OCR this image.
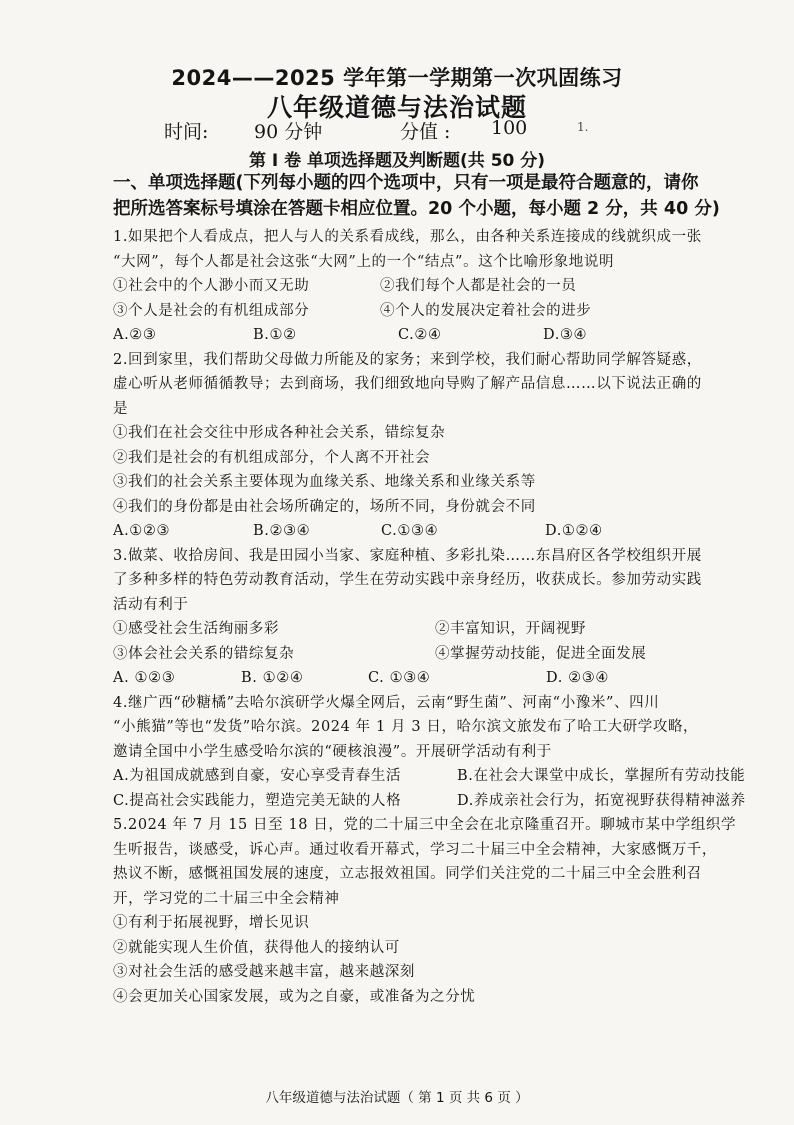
2024——2025 学年第一学期第一次巩固练习
八年级道德与法治试题
时间: 90 分钟	分值 : 100	1.
第 I 卷 单项选择题及判断题(共 50 分)
一、单项选择题(下列每小题的四个选项中，只有一项是最符合题意的，请你
把所选答案标号填涂在答题卡相应位置。20 个小题，每小题 2 分，共 40 分)
1.如果把个人看成点，把人与人的关系看成线，那么，由各种关系连接成的线就织成一张
“大网”，每个人都是社会这张“大网”上的一个“结点”。这个比喻形象地说明
①社会中的个人渺小而又无助	②我们每个人都是社会的一员
③个人是社会的有机组成部分	④个人的发展决定着社会的进步
A.②③	B.①②	C.②④	D.③④
2.回到家里，我们帮助父母做力所能及的家务；来到学校，我们耐心帮助同学解答疑惑，
虚心听从老师循循教导；去到商场，我们细致地向导购了解产品信息……以下说法正确的
是
①我们在社会交往中形成各种社会关系，错综复杂
②我们是社会的有机组成部分，个人离不开社会
③我们的社会关系主要体现为血缘关系、地缘关系和业缘关系等
④我们的身份都是由社会场所确定的，场所不同，身份就会不同
A.①②③	B.②③④	C.①③④	D.①②④
3.做菜、收拾房间、我是田园小当家、家庭种植、多彩扎染……东昌府区各学校组织开展
了多种多样的特色劳动教育活动，学生在劳动实践中亲身经历，收获成长。参加劳动实践
活动有利于
①感受社会生活绚丽多彩	②丰富知识，开阔视野
③体会社会关系的错综复杂	④掌握劳动技能，促进全面发展
A. ①②③	B. ①②④	C. ①③④	D. ②③④
4.继广西“砂糖橘”去哈尔滨研学火爆全网后，云南“野生菌”、河南“小豫米”、四川
“小熊猫”等也“发货”哈尔滨。2024 年 1 月 3 日，哈尔滨文旅发布了哈工大研学攻略，
邀请全国中小学生感受哈尔滨的“硬核浪漫”。开展研学活动有利于
A.为祖国成就感到自豪，安心享受青春生活	B.在社会大课堂中成长，掌握所有劳动技能
C.提高社会实践能力，塑造完美无缺的人格	D.养成亲社会行为，拓宽视野获得精神滋养
5.2024 年 7 月 15 日至 18 日，党的二十届三中全会在北京隆重召开。聊城市某中学组织学
生听报告，谈感受，诉心声。通过收看开幕式，学习二十届三中全会精神，大家感慨万千，
热议不断，感慨祖国发展的速度，立志报效祖国。同学们关注党的二十届三中全会胜利召
开，学习党的二十届三中全会精神
①有利于拓展视野，增长见识
②就能实现人生价值，获得他人的接纳认可
③对社会生活的感受越来越丰富，越来越深刻
④会更加关心国家发展，或为之自豪，或准备为之分忧
八年级道德与法治试题（ 第 1 页 共 6 页 ）
